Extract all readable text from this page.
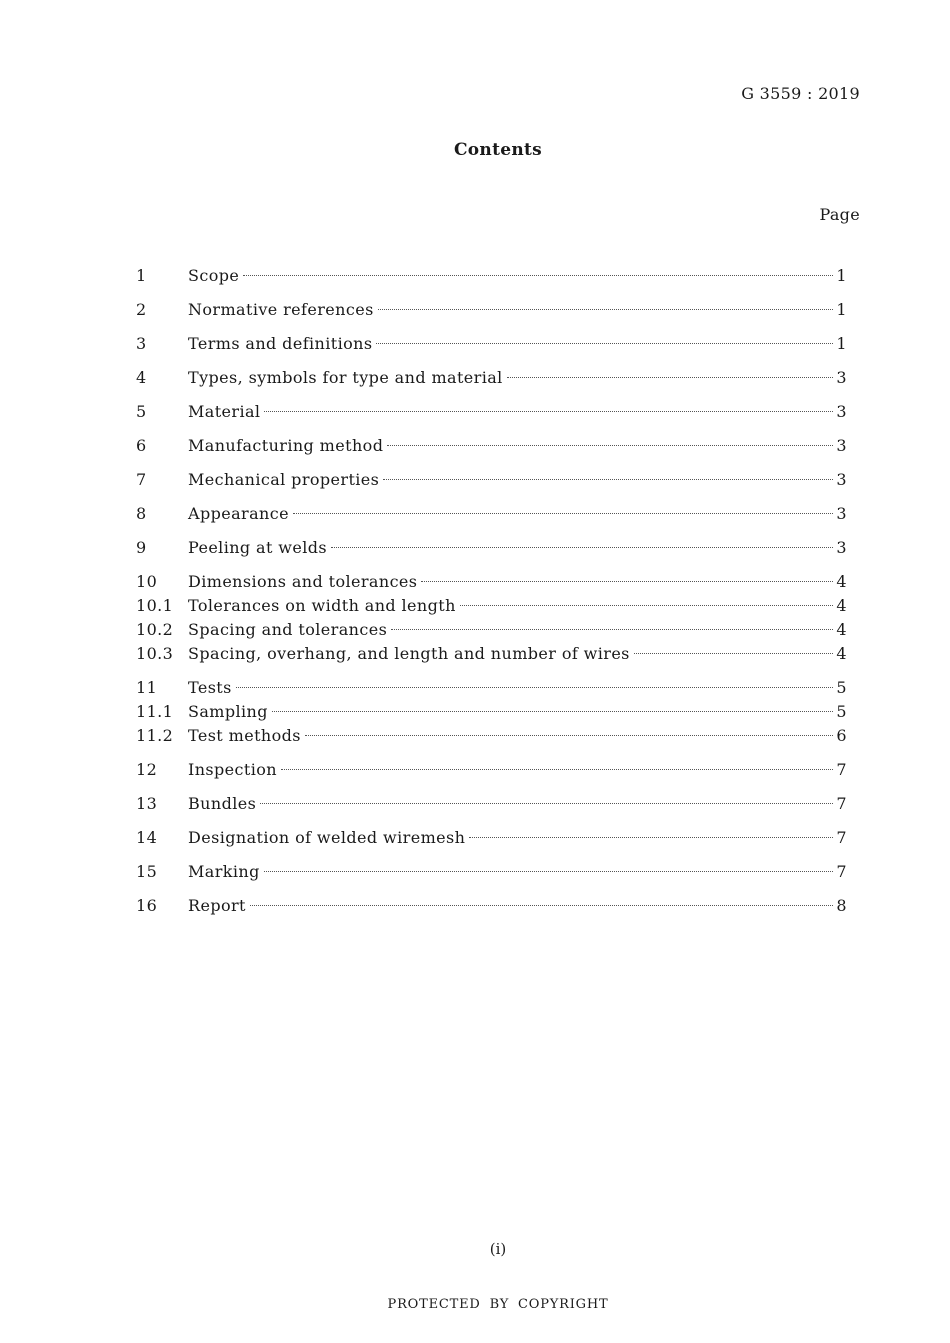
G 3559 : 2019
Contents
Page
1	Scope	1
2	Normative references	1
3	Terms and definitions	1
4	Types, symbols for type and material	3
5	Material	3
6	Manufacturing method	3
7	Mechanical properties	3
8	Appearance	3
9	Peeling at welds	3
10	Dimensions and tolerances	4
10.1 Tolerances on width and length	4
10.2 Spacing and tolerances	4
10.3 Spacing, overhang, and length and number of wires	4
11	Tests	5
11.1 Sampling	5
11.2 Test methods	6
12	Inspection	7
13	Bundles	7
14	Designation of welded wiremesh	7
15	Marking	7
16	Report	8
(i)
PROTECTED BY COPYRIGHT
